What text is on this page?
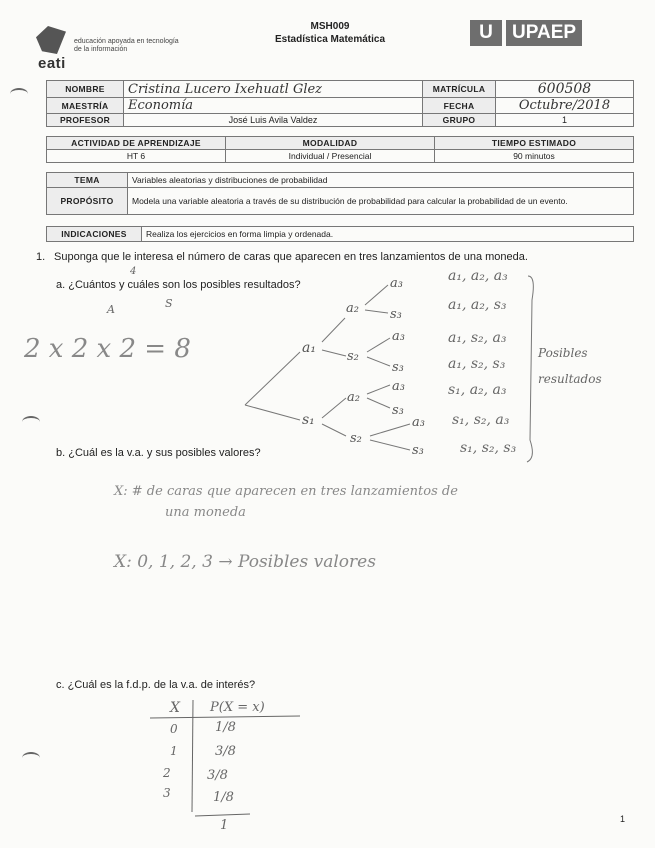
eati
educación apoyada en tecnología de la información
MSH009
Estadística Matemática	U	UPAEP
NOMBRE	Cristina Lucero Ixehuatl Glez	MATRÍCULA	600508
MAESTRÍA	Economía	FECHA	Octubre/2018
PROFESOR	José Luis Avila Valdez	GRUPO	1
ACTIVIDAD DE APRENDIZAJE	MODALIDAD	TIEMPO ESTIMADO
HT 6	Individual / Presencial	90 minutos
TEMA	Variables aleatorias y distribuciones de probabilidad
PROPÓSITO	Modela una variable aleatoria a través de su distribución de probabilidad para calcular la probabilidad de un evento.
INDICACIONES	Realiza los ejercicios en forma limpia y ordenada.
1. Suponga que le interesa el número de caras que aparecen en tres lanzamientos de una moneda.
a. ¿Cuántos y cuáles son los posibles resultados?
A	S
4
2 x 2 x 2 = 8	a₁
s₁
a₂
s₂
a₂
s₂
a₃
s₃
a₃
s₃
a₃
s₃
a₃
s₃
a₁, a₂, a₃
a₁, a₂, s₃
a₁, s₂, a₃
a₁, s₂, s₃
s₁, a₂, a₃
s₁, s₂, a₃
s₁, s₂, s₃
Posibles resultados
b. ¿Cuál es la v.a. y sus posibles valores?
X: # de caras que aparecen en tres lanzamientos de
una moneda
X: 0, 1, 2, 3 → Posibles valores
c. ¿Cuál es la f.d.p. de la v.a. de interés?
X P(X = x)
0	1/8
1	3/8
2	3/8
3	1/8
1	1
